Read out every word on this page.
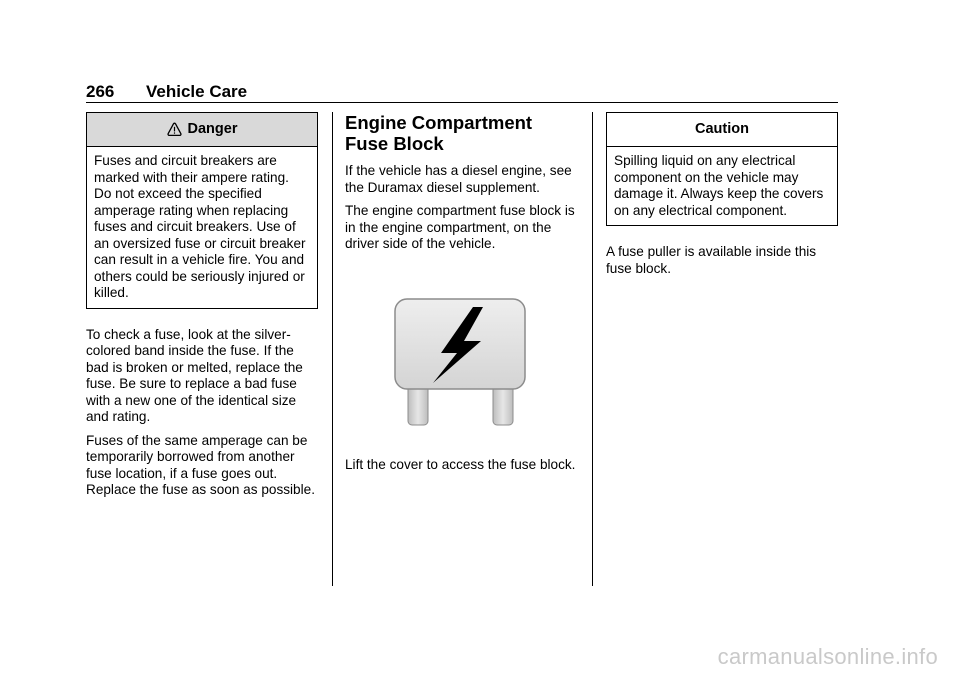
266 Vehicle Care
Danger

Fuses and circuit breakers are marked with their ampere rating. Do not exceed the specified amperage rating when replacing fuses and circuit breakers. Use of an oversized fuse or circuit breaker can result in a vehicle fire. You and others could be seriously injured or killed.

To check a fuse, look at the silver-colored band inside the fuse. If the bad is broken or melted, replace the fuse. Be sure to replace a bad fuse with a new one of the identical size and rating.

Fuses of the same amperage can be temporarily borrowed from another fuse location, if a fuse goes out. Replace the fuse as soon as possible.

Engine Compartment Fuse Block

If the vehicle has a diesel engine, see the Duramax diesel supplement.

The engine compartment fuse block is in the engine compartment, on the driver side of the vehicle.

Lift the cover to access the fuse block.

Caution

Spilling liquid on any electrical component on the vehicle may damage it. Always keep the covers on any electrical component.

A fuse puller is available inside this fuse block.

carmanualsonline.info
